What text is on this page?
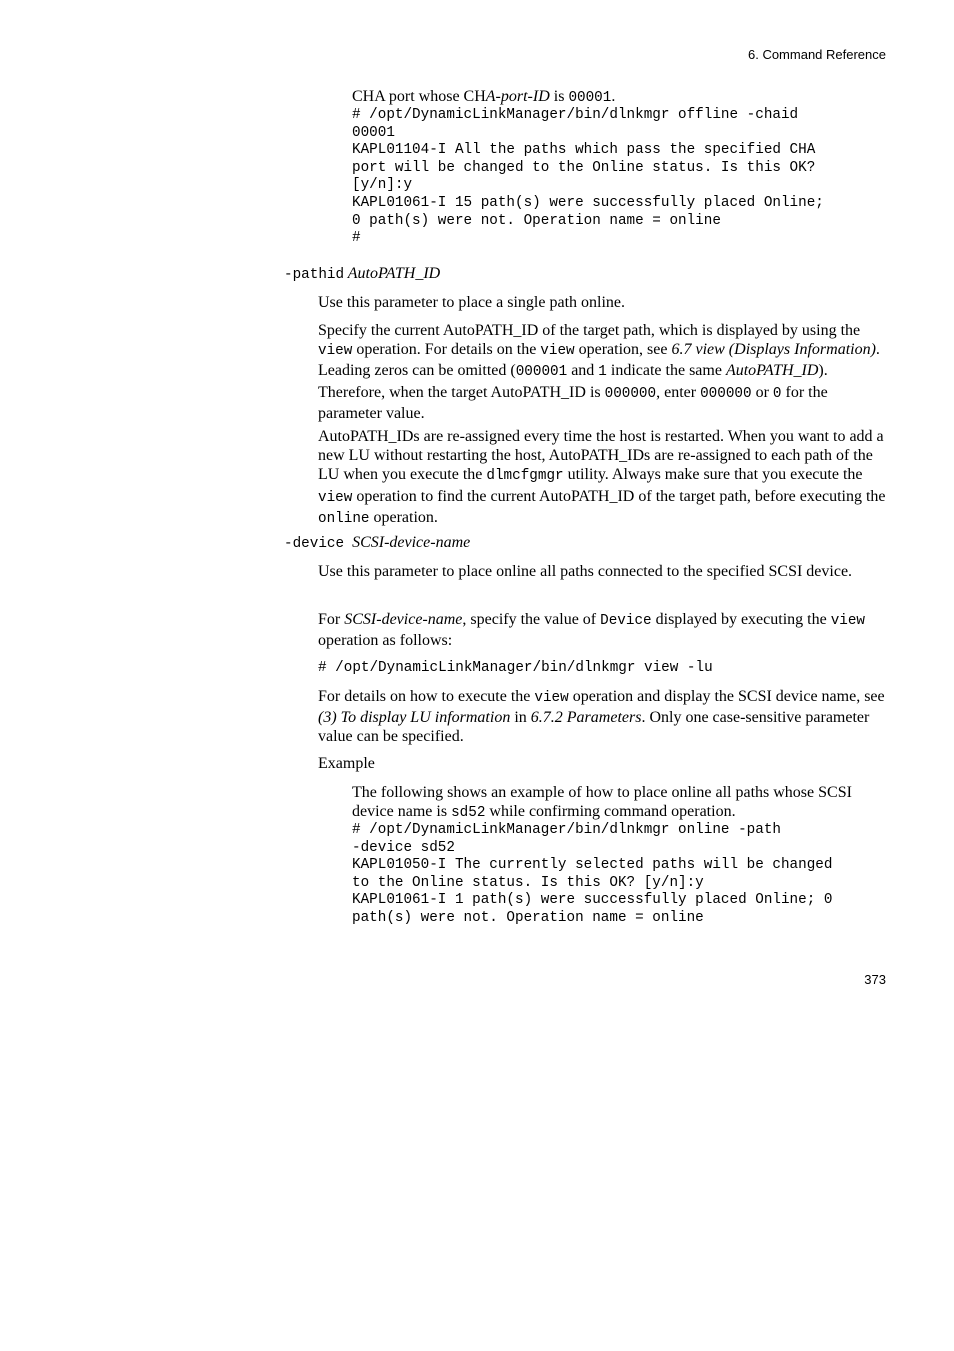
6. Command Reference
CHA port whose CHA-port-ID is 00001.
# /opt/DynamicLinkManager/bin/dlnkmgr offline -chaid
00001
KAPL01104-I All the paths which pass the specified CHA
port will be changed to the Online status. Is this OK?
[y/n]:y
KAPL01061-I 15 path(s) were successfully placed Online;
0 path(s) were not. Operation name = online
#
-pathid AutoPATH_ID
Use this parameter to place a single path online.
Specify the current AutoPATH_ID of the target path, which is displayed by using the view operation. For details on the view operation, see 6.7 view (Displays Information). Leading zeros can be omitted (000001 and 1 indicate the same AutoPATH_ID). Therefore, when the target AutoPATH_ID is 000000, enter 000000 or 0 for the parameter value.
AutoPATH_IDs are re-assigned every time the host is restarted. When you want to add a new LU without restarting the host, AutoPATH_IDs are re-assigned to each path of the LU when you execute the dlmcfgmgr utility. Always make sure that you execute the view operation to find the current AutoPATH_ID of the target path, before executing the online operation.
-device SCSI-device-name
Use this parameter to place online all paths connected to the specified SCSI device.
For SCSI-device-name, specify the value of Device displayed by executing the view operation as follows:
# /opt/DynamicLinkManager/bin/dlnkmgr view -lu
For details on how to execute the view operation and display the SCSI device name, see (3) To display LU information in 6.7.2 Parameters. Only one case-sensitive parameter value can be specified.
Example
The following shows an example of how to place online all paths whose SCSI device name is sd52 while confirming command operation.
# /opt/DynamicLinkManager/bin/dlnkmgr online -path
-device sd52
KAPL01050-I The currently selected paths will be changed
to the Online status. Is this OK? [y/n]:y
KAPL01061-I 1 path(s) were successfully placed Online; 0
path(s) were not. Operation name = online
373
